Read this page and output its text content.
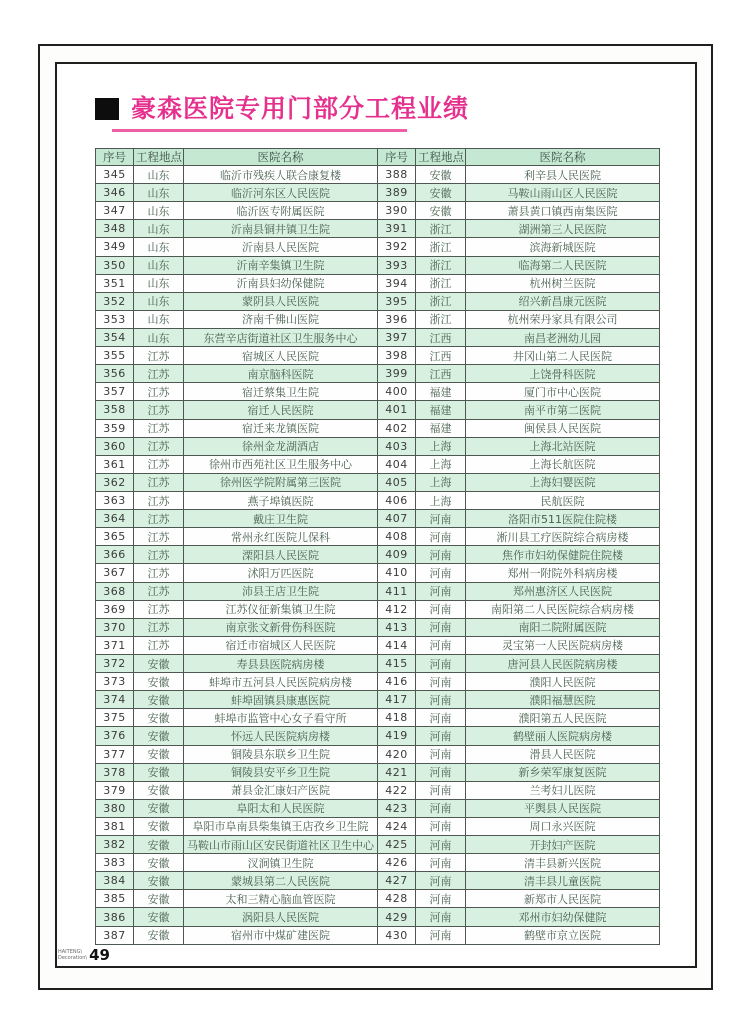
豪森医院专用门部分工程业绩
序号	工程地点	医院名称
345	山东	临沂市残疾人联合康复楼
346	山东	临沂河东区人民医院
347	山东	临沂医专附属医院
348	山东	沂南县铜井镇卫生院
349	山东	沂南县人民医院
350	山东	沂南辛集镇卫生院
351	山东	沂南县妇幼保健院
352	山东	蒙阴县人民医院
353	山东	济南千佛山医院
354	山东	东营辛店街道社区卫生服务中心
355	江苏	宿城区人民医院
356	江苏	南京脑科医院
357	江苏	宿迁蔡集卫生院
358	江苏	宿迁人民医院
359	江苏	宿迁来龙镇医院
360	江苏	徐州金龙湖酒店
361	江苏	徐州市西苑社区卫生服务中心
362	江苏	徐州医学院附属第三医院
363	江苏	燕子埠镇医院
364	江苏	戴庄卫生院
365	江苏	常州永红医院儿保科
366	江苏	溧阳县人民医院
367	江苏	沭阳万匹医院
368	江苏	沛县王店卫生院
369	江苏	江苏仪征新集镇卫生院
370	江苏	南京张文新骨伤科医院
371	江苏	宿迁市宿城区人民医院
372	安徽	寿县县医院病房楼
373	安徽	蚌埠市五河县人民医院病房楼
374	安徽	蚌埠固镇县康惠医院
375	安徽	蚌埠市监管中心女子看守所
376	安徽	怀远人民医院病房楼
377	安徽	铜陵县东联乡卫生院
378	安徽	铜陵县安平乡卫生院
379	安徽	萧县金汇康妇产医院
380	安徽	阜阳太和人民医院
381	安徽	阜阳市阜南县柴集镇王店孜乡卫生院
382	安徽	马鞍山市雨山区安民街道社区卫生中心
383	安徽	汊涧镇卫生院
384	安徽	蒙城县第二人民医院
385	安徽	太和三精心脑血管医院
386	安徽	涡阳县人民医院
387	安徽	宿州市中煤矿建医院
序号	工程地点	医院名称
388	安徽	利辛县人民医院
389	安徽	马鞍山雨山区人民医院
390	安徽	萧县黄口镇西南集医院
391	浙江	湖洲第三人民医院
392	浙江	滨海新城医院
393	浙江	临海第二人民医院
394	浙江	杭州树兰医院
395	浙江	绍兴新昌康元医院
396	浙江	杭州荣丹家具有限公司
397	江西	南昌老洲幼儿园
398	江西	井冈山第二人民医院
399	江西	上饶骨科医院
400	福建	厦门市中心医院
401	福建	南平市第二医院
402	福建	闽侯县人民医院
403	上海	上海北站医院
404	上海	上海长航医院
405	上海	上海妇婴医院
406	上海	民航医院
407	河南	洛阳市511医院住院楼
408	河南	淅川县工疗医院综合病房楼
409	河南	焦作市妇幼保健院住院楼
410	河南	郑州一附院外科病房楼
411	河南	郑州惠济区人民医院
412	河南	南阳第二人民医院综合病房楼
413	河南	南阳二院附属医院
414	河南	灵宝第一人民医院病房楼
415	河南	唐河县人民医院病房楼
416	河南	濮阳人民医院
417	河南	濮阳福慧医院
418	河南	濮阳第五人民医院
419	河南	鹤壁丽人医院病房楼
420	河南	滑县人民医院
421	河南	新乡荣军康复医院
422	河南	兰考妇儿医院
423	河南	平舆县人民医院
424	河南	周口永兴医院
425	河南	开封妇产医院
426	河南	清丰县新兴医院
427	河南	清丰县儿童医院
428	河南	新郑市人民医院
429	河南	邓州市妇幼保健院
430	河南	鹤壁市京立医院
HAITENG\
Decoration\ 49
